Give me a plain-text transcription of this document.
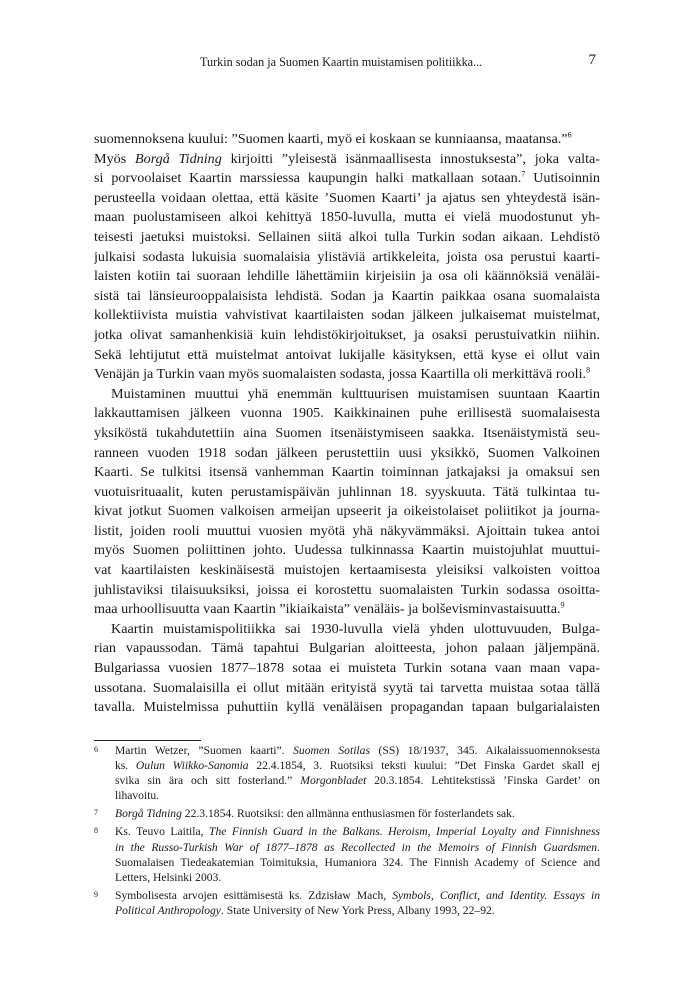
Turkin sodan ja Suomen Kaartin muistamisen politiikka...	7
suomennoksena kuului: ”Suomen kaarti, myö ei koskaan se kunniaansa, maatansa.”$^6$
Myös Borgå Tidning kirjoitti ”yleisestä isänmaallisesta innostuksesta”, joka valta-
si porvoolaiset Kaartin marssiessa kaupungin halki matkallaan sotaan.$^7$ Uutisoinnin
perusteella voidaan olettaa, että käsite ’Suomen Kaarti’ ja ajatus sen yhteydestä isän-
maan puolustamiseen alkoi kehittyä 1850-luvulla, mutta ei vielä muodostunut yh-
teisesti jaetuksi muistoksi. Sellainen siitä alkoi tulla Turkin sodan aikaan. Lehdistö
julkaisi sodasta lukuisia suomalaisia ylistäviä artikkeleita, joista osa perustui kaarti-
laisten kotiin tai suoraan lehdille lähettämiin kirjeisiin ja osa oli käännöksiä venäläi-
sistä tai länsieurooppalaisista lehdistä. Sodan ja Kaartin paikkaa osana suomalaista
kollektiivista muistia vahvistivat kaartilaisten sodan jälkeen julkaisemat muistelmat,
jotka olivat samanhenkisiä kuin lehdistökirjoitukset, ja osaksi perustuivatkin niihin.
Sekä lehtijutut että muistelmat antoivat lukijalle käsityksen, että kyse ei ollut vain
Venäjän ja Turkin vaan myös suomalaisten sodasta, jossa Kaartilla oli merkittävä rooli.$^8$
Muistaminen muuttui yhä enemmän kulttuurisen muistamisen suuntaan Kaartin
lakkauttamisen jälkeen vuonna 1905. Kaikkinainen puhe erillisestä suomalaisesta
yksiköstä tukahdutettiin aina Suomen itsenäistymiseen saakka. Itsenäistymistä seu-
ranneen vuoden 1918 sodan jälkeen perustettiin uusi yksikkö, Suomen Valkoinen
Kaarti. Se tulkitsi itsensä vanhemman Kaartin toiminnan jatkajaksi ja omaksui sen
vuotuisrituaalit, kuten perustamispäivän juhlinnan 18. syyskuuta. Tätä tulkintaa tu-
kivat jotkut Suomen valkoisen armeijan upseerit ja oikeistolaiset poliitikot ja journa-
listit, joiden rooli muuttui vuosien myötä yhä näkyvämmäksi. Ajoittain tukea antoi
myös Suomen poliittinen johto. Uudessa tulkinnassa Kaartin muistojuhlat muuttui-
vat kaartilaisten keskinäisestä muistojen kertaamisesta yleisiksi valkoisten voittoa
juhlistaviksi tilaisuuksiksi, joissa ei korostettu suomalaisten Turkin sodassa osoitta-
maa urhoollisuutta vaan Kaartin ”ikiaikaista” venäläis- ja bolševisminvastaisuutta.$^9$
Kaartin muistamispolitiikka sai 1930-luvulla vielä yhden ulottuvuuden, Bulga-
rian vapaussodan. Tämä tapahtui Bulgarian aloitteesta, johon palaan jäljempänä.
Bulgariassa vuosien 1877–1878 sotaa ei muisteta Turkin sotana vaan maan vapa-
ussotana. Suomalaisilla ei ollut mitään erityistä syytä tai tarvetta muistaa sotaa tällä
tavalla. Muistelmissa puhuttiin kyllä venäläisen propagandan tapaan bulgarialaisten
6 Martin Wetzer, ”Suomen kaarti”. Suomen Sotilas (SS) 18/1937, 345. Aikalaissuomennoksesta
ks. Oulun Wiikko-Sanomia 22.4.1854, 3. Ruotsiksi teksti kuului: ”Det Finska Gardet skall ej
svika sin ära och sitt fosterland.” Morgonbladet 20.3.1854. Lehtitekstissä ’Finska Gardet’ on
lihavoitu.
7 Borgå Tidning 22.3.1854. Ruotsiksi: den allmänna enthusiasmen för fosterlandets sak.
8 Ks. Teuvo Laitila, The Finnish Guard in the Balkans. Heroism, Imperial Loyalty and Finnishness
in the Russo-Turkish War of 1877–1878 as Recollected in the Memoirs of Finnish Guardsmen.
Suomalaisen Tiedeakatemian Toimituksia, Humaniora 324. The Finnish Academy of Science and
Letters, Helsinki 2003.
9 Symbolisesta arvojen esittämisestä ks. Zdzisław Mach, Symbols, Conflict, and Identity. Essays in
Political Anthropology. State University of New York Press, Albany 1993, 22–92.
